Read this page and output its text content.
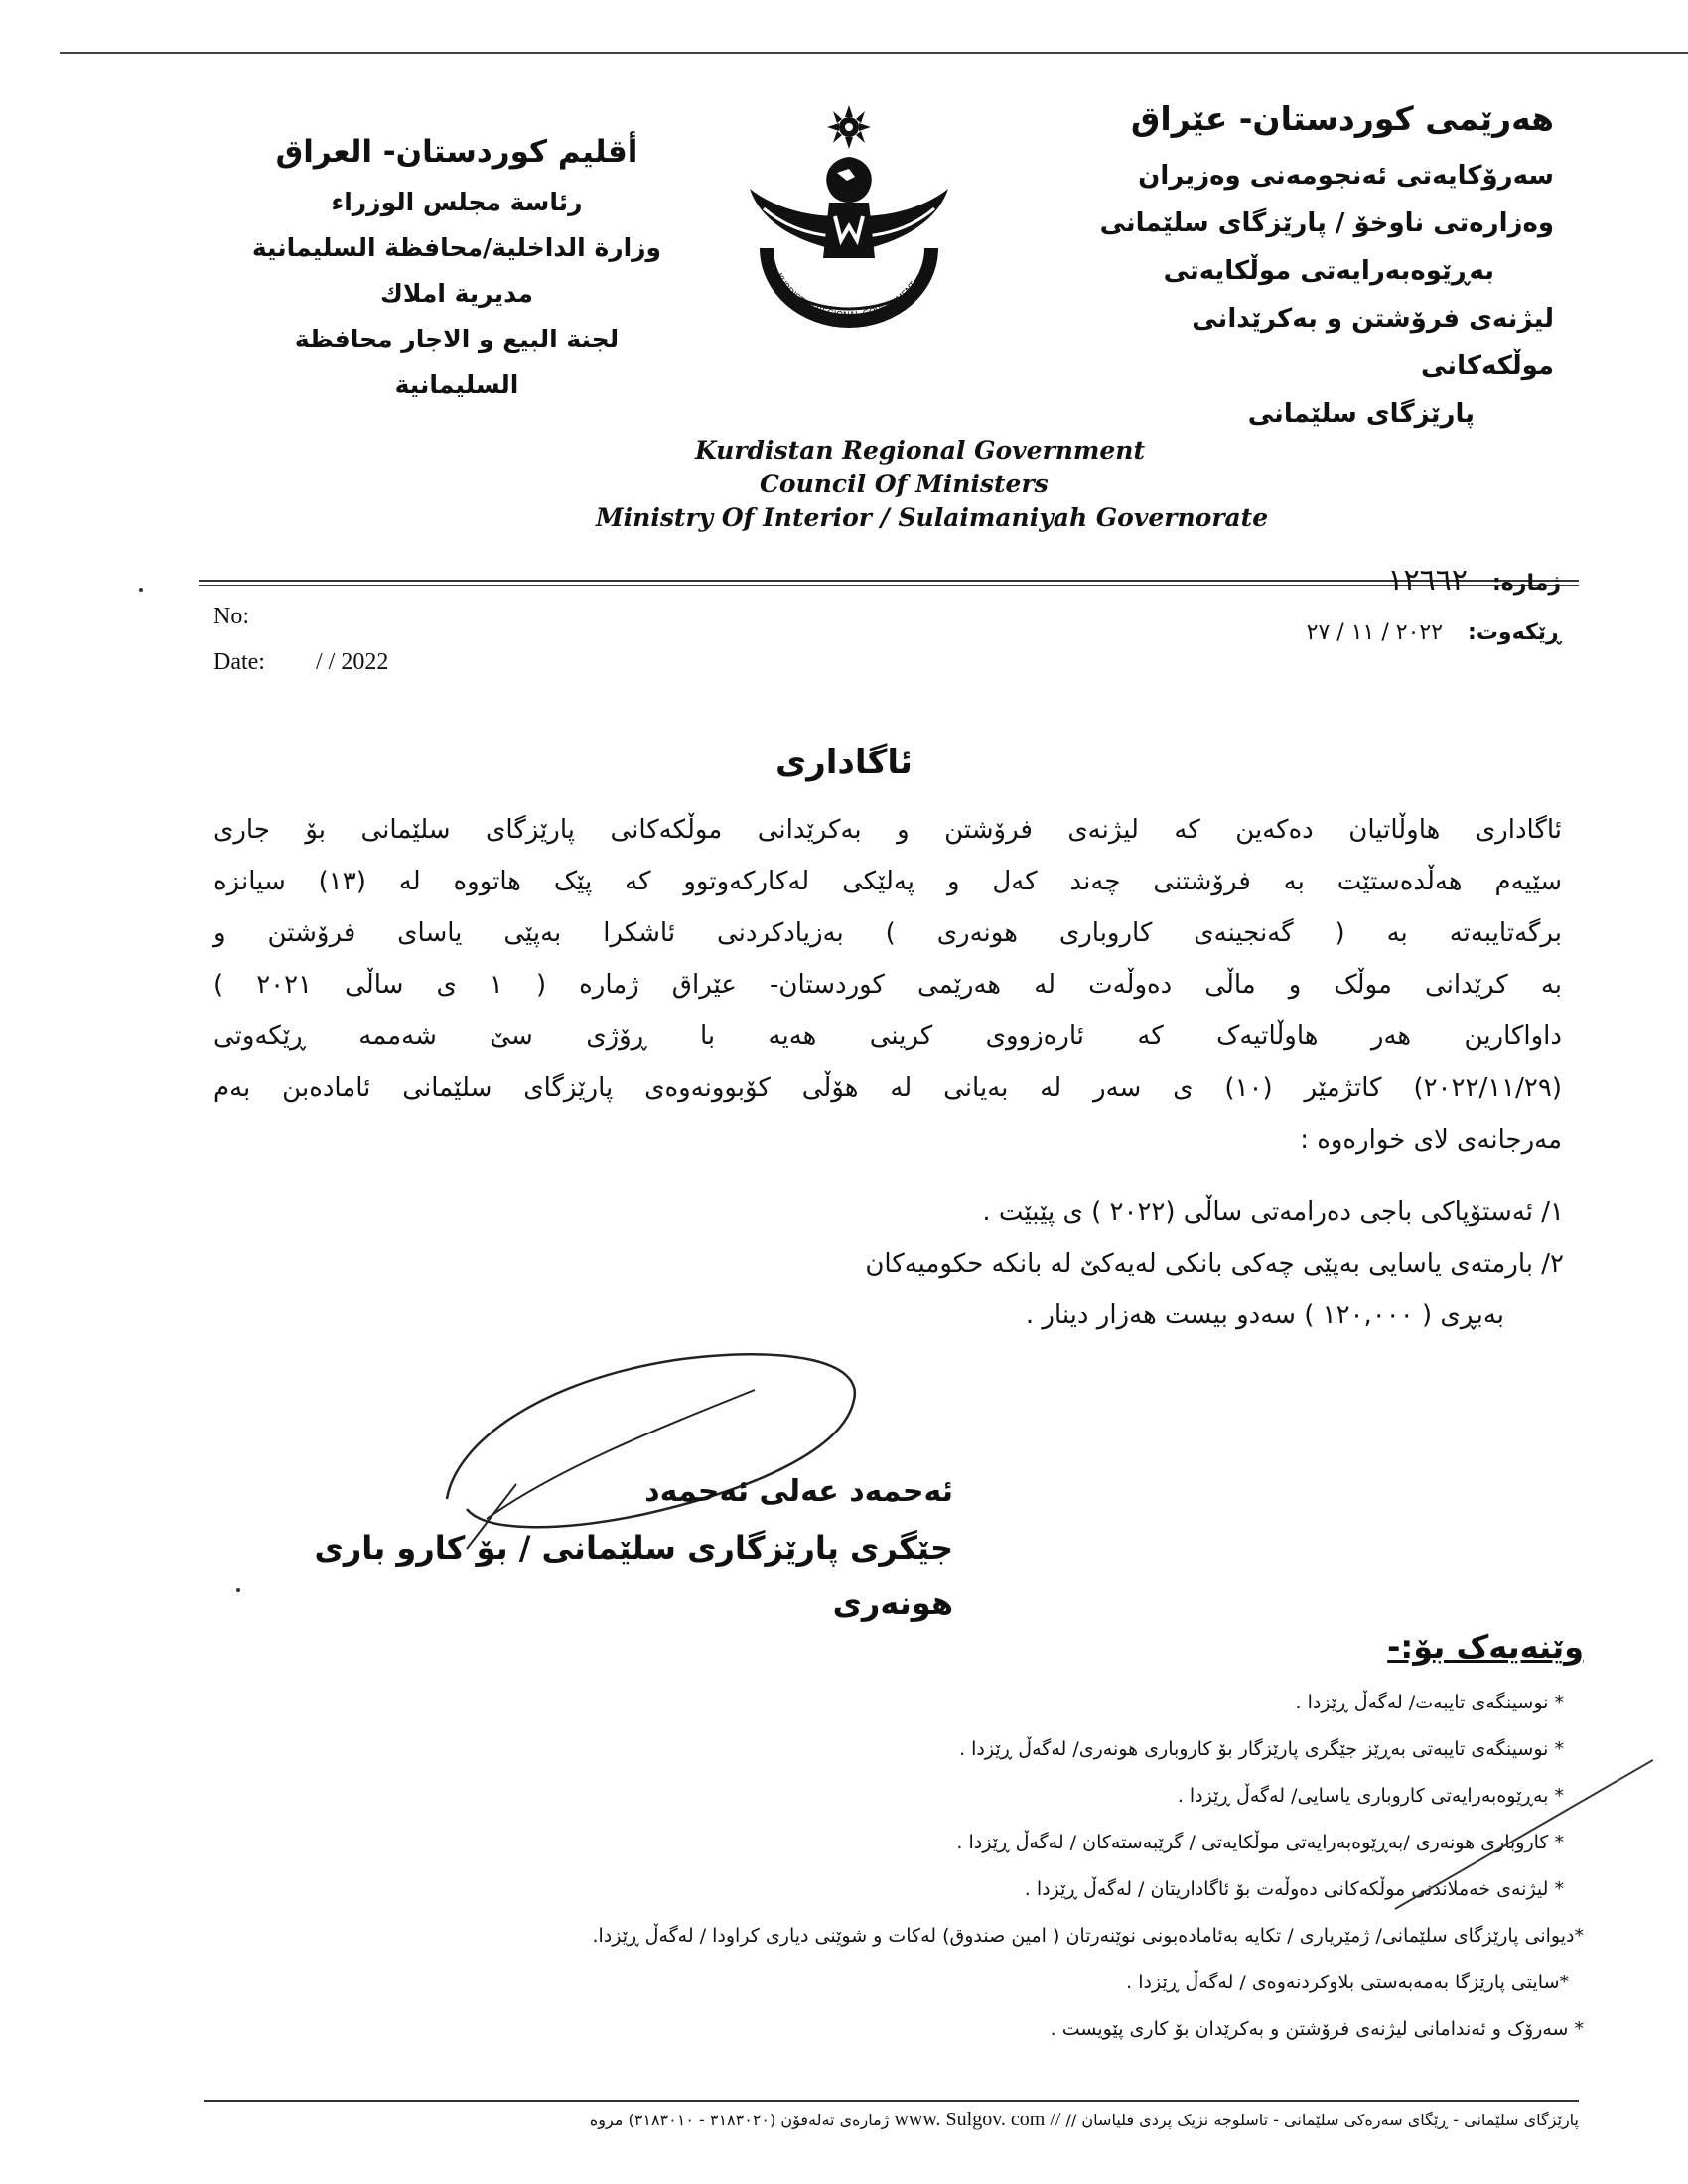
هەرێمی کوردستان- عێراق
سەرۆکایەتی ئەنجومەنی وەزیران
وەزارەتی ناوخۆ / پارێزگای سلێمانی
بەڕێوەبەرایەتی موڵکایەتی
لیژنەی فرۆشتن و بەکرێدانی موڵکەکانی
پارێزگای سلێمانی
أقليم كوردستان- العراق
رئاسة مجلس الوزراء
وزارة الداخلية/محافظة السليمانية
مديرية املاك
لجنة البيع و الاجار محافظة السليمانية
KURDISTAN REGIONAL GOVERNMENT
حكومة إقليم كوردستان
Kurdistan Regional Government
Council Of Ministers
Ministry Of Interior / Sulaimaniyah Governorate
No:
Date: / / 2022
ژمارە: ١٢٦٦٢
ڕێکەوت: ٢٠٢٢ / ١١ / ٢٧
ئاگاداری
ئاگاداری هاوڵاتیان دەکەین کە لیژنەی فرۆشتن و بەکرێدانی موڵکەکانی پارێزگای سلێمانی بۆ جاری
سێیەم هەڵدەستێت بە فرۆشتنی چەند کەل و پەلێکی لەکارکەوتوو کە پێک هاتووە لە (١٣) سیانزە
برگەتایبەتە بە ( گەنجینەی کاروباری هونەری ) بەزیادکردنی ئاشکرا بەپێی یاسای فرۆشتن و
بە کرێدانی موڵک و ماڵی دەوڵەت لە هەرێمی کوردستان- عێراق ژمارە ( ١ ی ساڵی ٢٠٢١ )
داواکارین هەر هاوڵاتیەک کە ئارەزووی کرینی هەیە با ڕۆژی سێ شەممە ڕێکەوتی
(٢٠٢٢/١١/٢٩) کاتژمێر (١٠) ی سەر لە بەیانی لە هۆڵی کۆبوونەوەی پارێزگای سلێمانی ئامادەبن بەم
مەرجانەی لای خوارەوە :
١/ ئەستۆپاکی باجی دەرامەتی ساڵی (٢٠٢٢ ) ی پێبێت .
٢/ بارمتەی یاسایی بەپێی چەکی بانکی لەیەکێ لە بانکە حکومیەکان
بەبڕی ( ١٢٠,٠٠٠ ) سەدو بیست هەزار دینار .
ئەحمەد عەلی ئەحمەد
جێگری پارێزگاری سلێمانی / بۆ کارو باری هونەری
وێنەیەک بۆ:-
* نوسینگەی تایبەت/ لەگەڵ ڕێزدا .
* نوسینگەی تایبەتی بەڕێز جێگری پارێزگار بۆ کاروباری هونەری/ لەگەڵ ڕێزدا .
* بەڕێوەبەرایەتی کاروباری یاسایی/ لەگەڵ ڕێزدا .
* کاروباری هونەری /بەڕێوەبەرایەتی موڵکایەتی / گرێبەستەکان / لەگەڵ ڕێزدا .
* لیژنەی خەملاندنی موڵکەکانی دەوڵەت بۆ ئاگاداریتان / لەگەڵ ڕێزدا .
*دیوانی پارێزگای سلێمانی/ ژمێریاری / تکایە بەئامادەبونی نوێنەرتان ( امین صندوق) لەکات و شوێنی دیاری کراودا / لەگەڵ ڕێزدا.
*سایتی پارێزگا بەمەبەستی بلاوکردنەوەی / لەگەڵ ڕێزدا .
* سەرۆک و ئەندامانی لیژنەی فرۆشتن و بەکرێدان بۆ کاری پێویست .
پارێزگای سلێمانی - ڕێگای سەرەکی سلێمانی - تاسلوجە نزیک پردی قلیاسان // www. Sulgov. com // ژمارەی تەلەفۆن (٣١٨٣٠٢٠ - ٣١٨٣٠١٠) مروە
